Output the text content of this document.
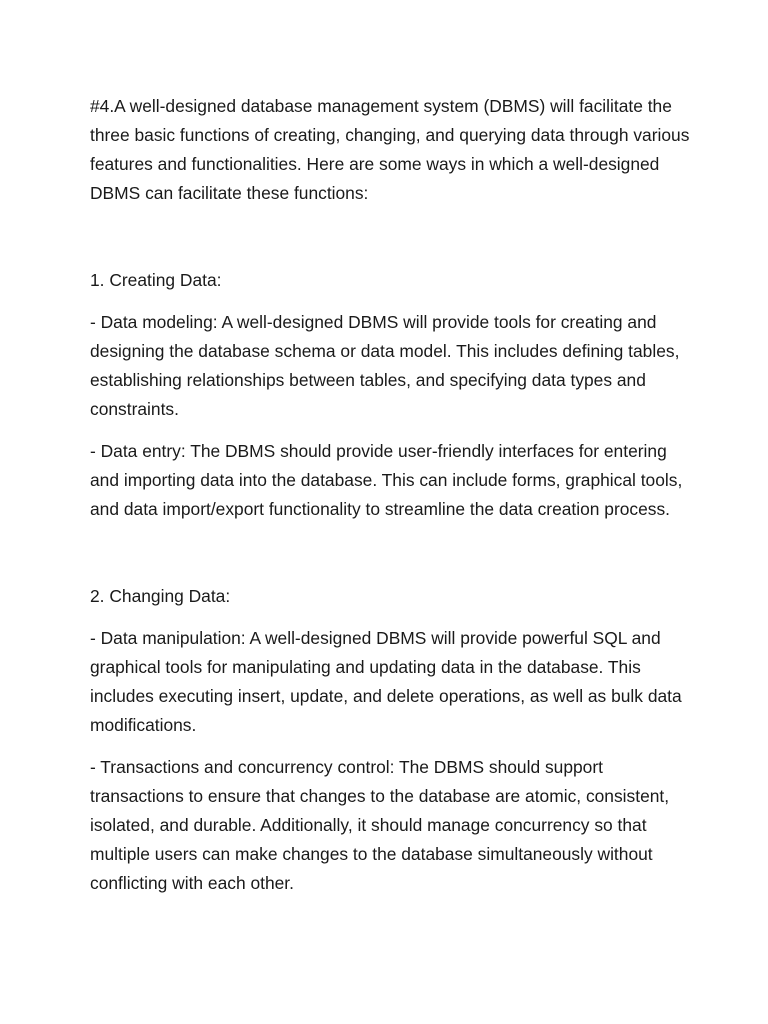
#4.A well-designed database management system (DBMS) will facilitate the three basic functions of creating, changing, and querying data through various features and functionalities. Here are some ways in which a well-designed DBMS can facilitate these functions:

1. Creating Data:

- Data modeling: A well-designed DBMS will provide tools for creating and designing the database schema or data model. This includes defining tables, establishing relationships between tables, and specifying data types and constraints.

- Data entry: The DBMS should provide user-friendly interfaces for entering and importing data into the database. This can include forms, graphical tools, and data import/export functionality to streamline the data creation process.

2. Changing Data:

- Data manipulation: A well-designed DBMS will provide powerful SQL and graphical tools for manipulating and updating data in the database. This includes executing insert, update, and delete operations, as well as bulk data modifications.

- Transactions and concurrency control: The DBMS should support transactions to ensure that changes to the database are atomic, consistent, isolated, and durable. Additionally, it should manage concurrency so that multiple users can make changes to the database simultaneously without conflicting with each other.
